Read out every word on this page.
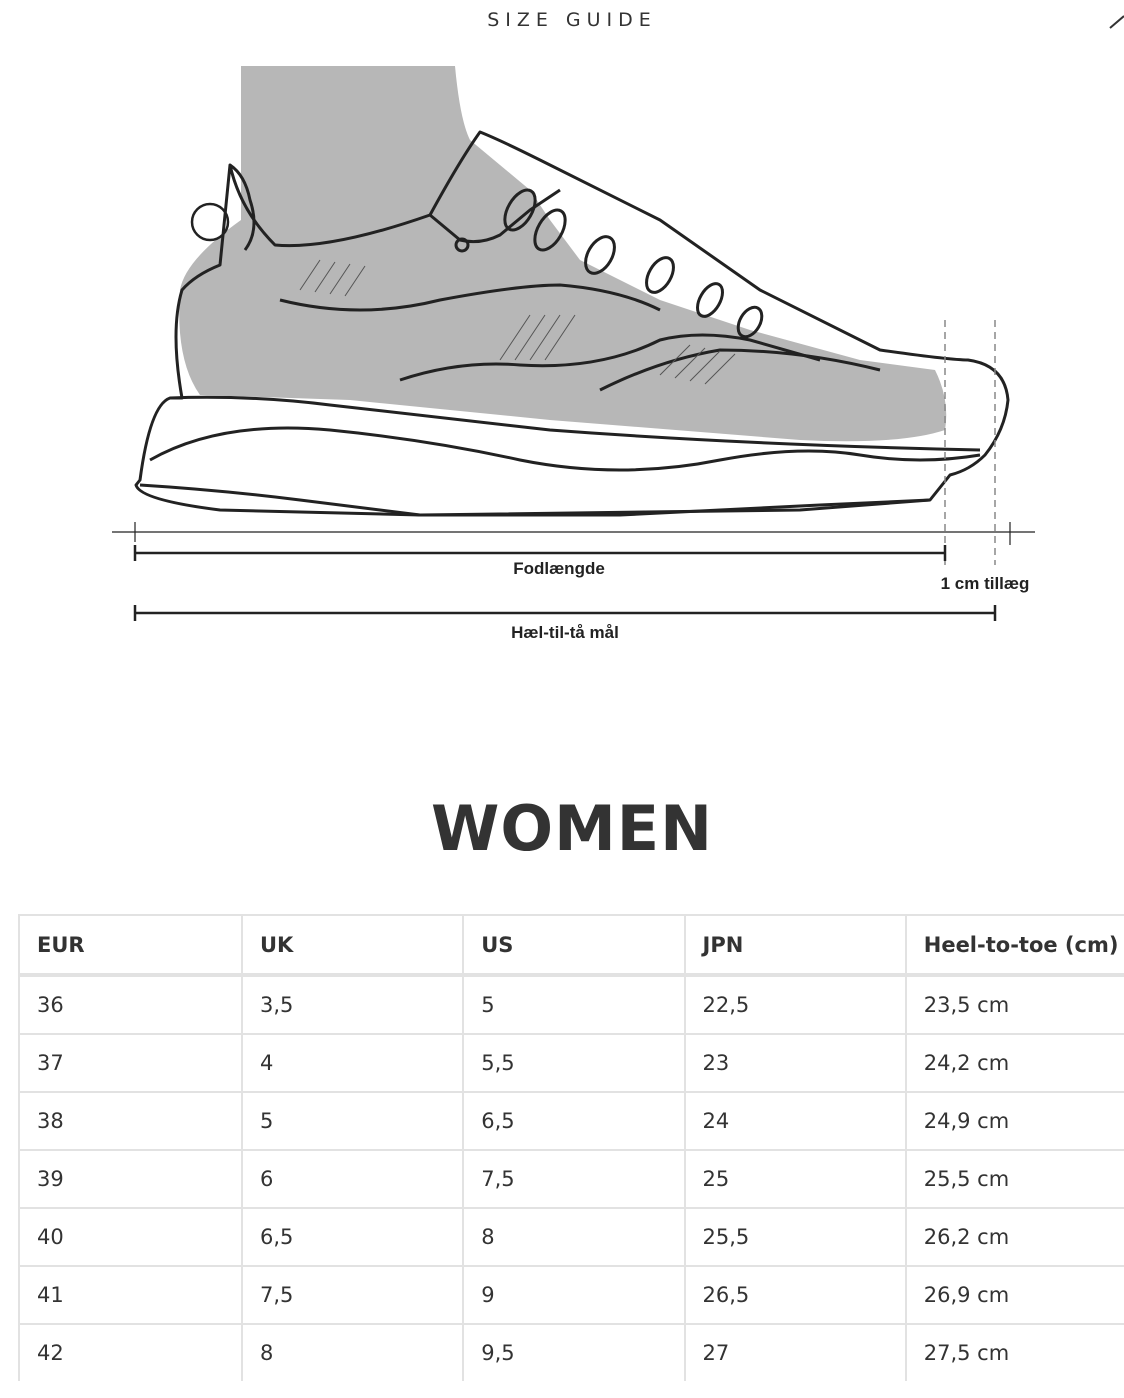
SIZE GUIDE
Fodlængde
1 cm tillæg
Hæl-til-tå mål
WOMEN
EUR	UK	US	JPN	Heel-to-toe (cm)
36	3,5	5	22,5	23,5 cm
37	4	5,5	23	24,2 cm
38	5	6,5	24	24,9 cm
39	6	7,5	25	25,5 cm
40	6,5	8	25,5	26,2 cm
41	7,5	9	26,5	26,9 cm
42	8	9,5	27	27,5 cm
